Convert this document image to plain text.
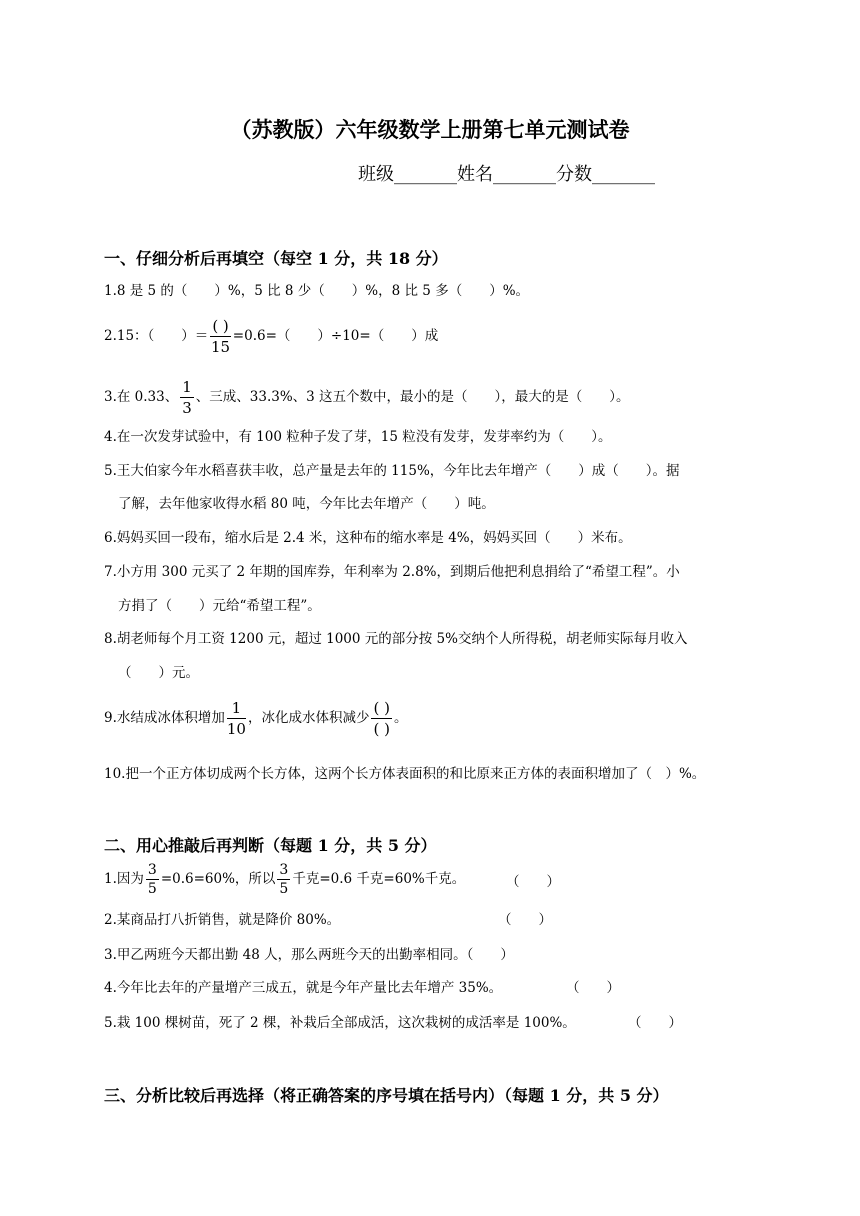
（苏教版）六年级数学上册第七单元测试卷
班级_______姓名_______分数_______
一、仔细分析后再填空（每空 1 分，共 18 分）
1.8 是 5 的（　　）%，5 比 8 少（　　）%，8 比 5 多（　　）%。
2.15：（　　）＝ $\frac{( )}{15} =0.6=$（　　）÷10=（　　）成
3.在 0.33、 $\frac{1}{3}$ 、三成、33.3%、3 这五个数中，最小的是（　　），最大的是（　　）。
4.在一次发芽试验中，有 100 粒种子发了芽，15 粒没有发芽，发芽率约为（　　）。
5.王大伯家今年水稻喜获丰收，总产量是去年的 115%，今年比去年增产（　　）成（　　）。据
了解，去年他家收得水稻 80 吨，今年比去年增产（　　）吨。
6.妈妈买回一段布，缩水后是 2.4 米，这种布的缩水率是 4%，妈妈买回（　　）米布。
7.小方用 300 元买了 2 年期的国库券，年利率为 2.8%，到期后他把利息捐给了“希望工程”。小
方捐了（　　）元给“希望工程”。
8.胡老师每个月工资 1200 元，超过 1000 元的部分按 5%交纳个人所得税，胡老师实际每月收入
（　　）元。
9.水结成冰体积增加 $\frac{1}{10}$ ，冰化成水体积减少 $\frac{( )}{( )}$ 。
10.把一个正方体切成两个长方体，这两个长方体表面积的和比原来正方体的表面积增加了（　）%。
二、用心推敲后再判断（每题 1 分，共 5 分）
1.因为 $\frac{3}{5} =0.6=60\%$，所以 $\frac{3}{5}$ 千克=0.6 千克=60%千克。	（　　）
2.某商品打八折销售，就是降价 80%。	（　　）
3.甲乙两班今天都出勤 48 人，那么两班今天的出勤率相同。（　　）
4.今年比去年的产量增产三成五，就是今年产量比去年增产 35%。	（　　）
5.栽 100 棵树苗，死了 2 棵，补栽后全部成活，这次栽树的成活率是 100%。	（　　）
三、分析比较后再选择（将正确答案的序号填在括号内）（每题 1 分，共 5 分）
